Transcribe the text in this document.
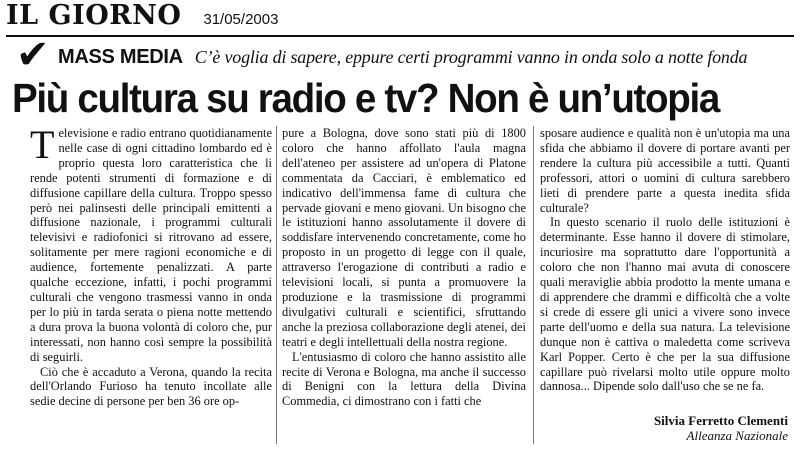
IL GIORNO 31/05/2003
✔ MASS MEDIA C’è voglia di sapere, eppure certi programmi vanno in onda solo a notte fonda
Più cultura su radio e tv? Non è un’utopia

Televisione e radio entrano quotidianamente nelle case di ogni cittadino lombardo ed è proprio questa loro caratteristica che li rende potenti strumenti di formazione e di diffusione capillare della cultura. Troppo spesso però nei palinsesti delle principali emittenti a diffusione nazionale, i programmi culturali televisivi e radiofonici si ritrovano ad essere, solitamente per mere ragioni economiche e di audience, fortemente penalizzati. A parte qualche eccezione, infatti, i pochi programmi culturali che vengono trasmessi vanno in onda per lo più in tarda serata o piena notte mettendo a dura prova la buona volontà di coloro che, pur interessati, non hanno così sempre la possibilità di seguirli.

Ciò che è accaduto a Verona, quando la recita dell'Orlando Furioso ha tenuto incollate alle sedie decine di persone per ben 36 ore op-

pure a Bologna, dove sono stati più di 1800 coloro che hanno affollato l'aula magna dell'ateneo per assistere ad un'opera di Platone commentata da Cacciari, è emblematico ed indicativo dell'immensa fame di cultura che pervade giovani e meno giovani. Un bisogno che le istituzioni hanno assolutamente il dovere di soddisfare intervenendo concretamente, come ho proposto in un progetto di legge con il quale, attraverso l'erogazione di contributi a radio e televisioni locali, si punta a promuovere la produzione e la trasmissione di programmi divulgativi culturali e scientifici, sfruttando anche la preziosa collaborazione degli atenei, dei teatri e degli intellettuali della nostra regione.

L'entusiasmo di coloro che hanno assistito alle recite di Verona e Bologna, ma anche il successo di Benigni con la lettura della Divina Commedia, ci dimostrano con i fatti che

sposare audience e qualità non è un'utopia ma una sfida che abbiamo il dovere di portare avanti per rendere la cultura più accessibile a tutti. Quanti professori, attori o uomini di cultura sarebbero lieti di prendere parte a questa inedita sfida culturale?

In questo scenario il ruolo delle istituzioni è determinante. Esse hanno il dovere di stimolare, incuriosire ma soprattutto dare l'opportunità a coloro che non l'hanno mai avuta di conoscere quali meraviglie abbia prodotto la mente umana e di apprendere che drammi e difficoltà che a volte si crede di essere gli unici a vivere sono invece parte dell'uomo e della sua natura. La televisione dunque non è cattiva o maledetta come scriveva Karl Popper. Certo è che per la sua diffusione capillare può rivelarsi molto utile oppure molto dannosa... Dipende solo dall'uso che se ne fa.

Silvia Ferretto Clementi
Alleanza Nazionale
